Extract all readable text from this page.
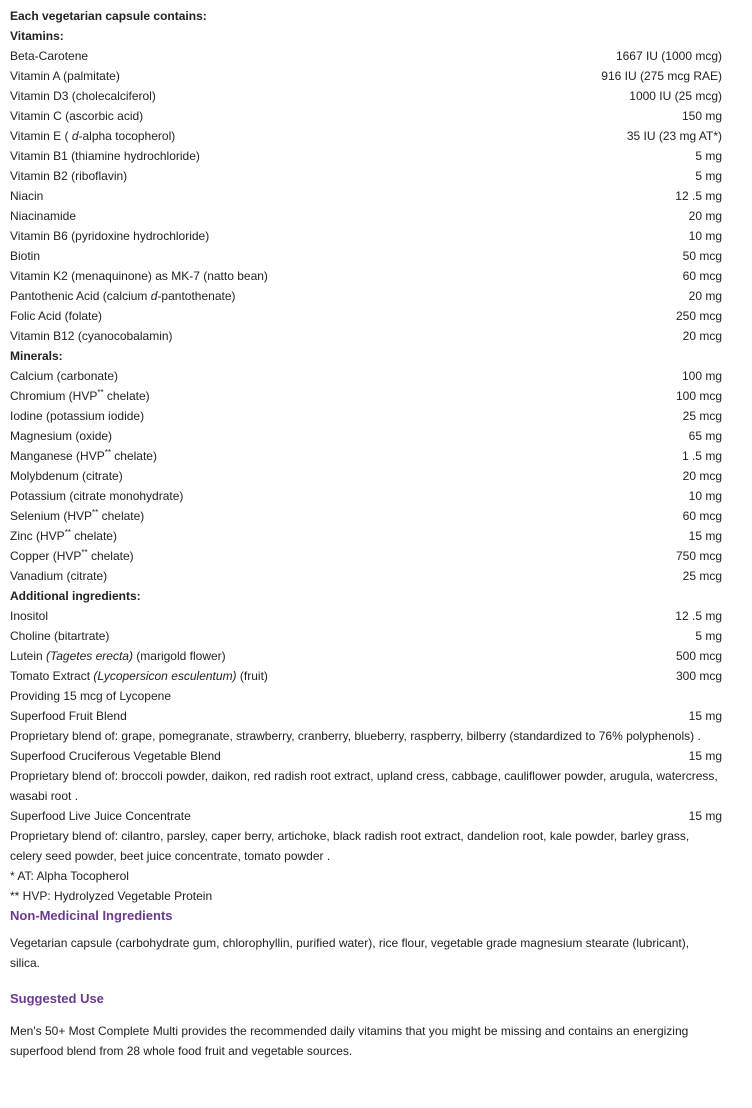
Each vegetarian capsule contains:
Vitamins:
Beta-Carotene	1667 IU (1000 mcg)
Vitamin A (palmitate)	916 IU (275 mcg RAE)
Vitamin D3 (cholecalciferol)	1000 IU (25 mcg)
Vitamin C (ascorbic acid)	150 mg
Vitamin E ( d-alpha tocopherol)	35 IU (23 mg AT*)
Vitamin B1 (thiamine hydrochloride)	5 mg
Vitamin B2 (riboflavin)	5 mg
Niacin	12 .5 mg
Niacinamide	20 mg
Vitamin B6 (pyridoxine hydrochloride)	10 mg
Biotin	50 mcg
Vitamin K2 (menaquinone) as MK-7 (natto bean)	60 mcg
Pantothenic Acid (calcium d-pantothenate)	20 mg
Folic Acid (folate)	250 mcg
Vitamin B12 (cyanocobalamin)	20 mcg
Minerals:
Calcium (carbonate)	100 mg
Chromium (HVP** chelate)	100 mcg
Iodine (potassium iodide)	25 mcg
Magnesium (oxide)	65 mg
Manganese (HVP** chelate)	1 .5 mg
Molybdenum (citrate)	20 mcg
Potassium (citrate monohydrate)	10 mg
Selenium (HVP** chelate)	60 mcg
Zinc (HVP** chelate)	15 mg
Copper (HVP** chelate)	750 mcg
Vanadium (citrate)	25 mcg
Additional ingredients:
Inositol	12 .5 mg
Choline (bitartrate)	5 mg
Lutein (Tagetes erecta) (marigold flower)	500 mcg
Tomato Extract (Lycopersicon esculentum) (fruit)	300 mcg
Providing 15 mcg of Lycopene
Superfood Fruit Blend	15 mg
Proprietary blend of: grape, pomegranate, strawberry, cranberry, blueberry, raspberry, bilberry (standardized to 76% polyphenols) .
Superfood Cruciferous Vegetable Blend	15 mg
Proprietary blend of: broccoli powder, daikon, red radish root extract, upland cress, cabbage, cauliflower powder, arugula, watercress, wasabi root .
Superfood Live Juice Concentrate	15 mg
Proprietary blend of: cilantro, parsley, caper berry, artichoke, black radish root extract, dandelion root, kale powder, barley grass, celery seed powder, beet juice concentrate, tomato powder .
* AT: Alpha Tocopherol
** HVP: Hydrolyzed Vegetable Protein
Non-Medicinal Ingredients
Vegetarian capsule (carbohydrate gum, chlorophyllin, purified water), rice flour, vegetable grade magnesium stearate (lubricant), silica.
Suggested Use
Men's 50+ Most Complete Multi provides the recommended daily vitamins that you might be missing and contains an energizing superfood blend from 28 whole food fruit and vegetable sources.
